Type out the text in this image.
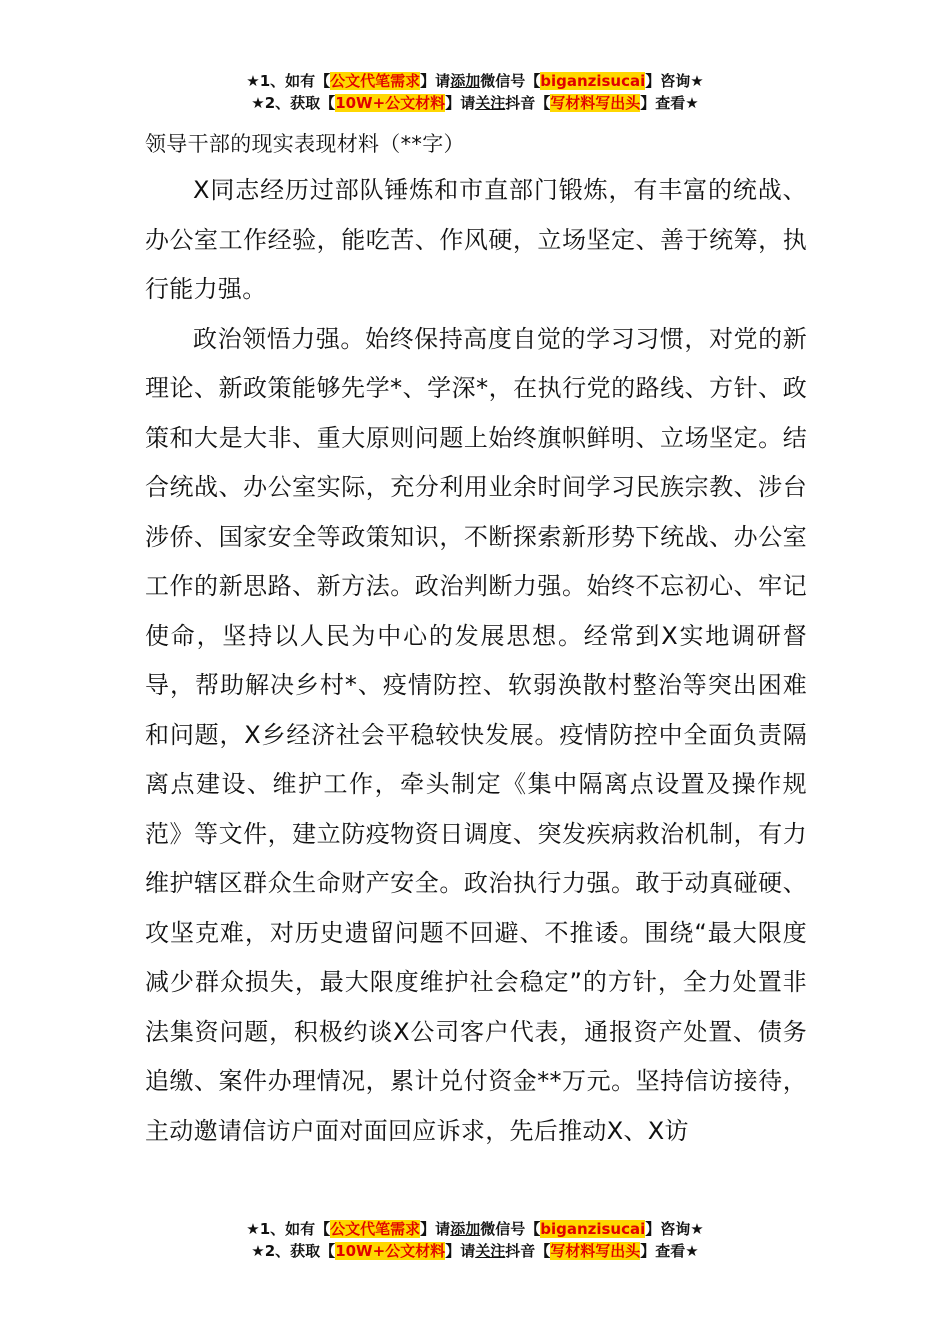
★1、如有【公文代笔需求】请添加微信号【biganzisucai】咨询★
★2、获取【10W+公文材料】请关注抖音【写材料写出头】查看★

领导干部的现实表现材料（**字）

X同志经历过部队锤炼和市直部门锻炼，有丰富的统战、办公室工作经验，能吃苦、作风硬，立场坚定、善于统筹，执行能力强。

政治领悟力强。始终保持高度自觉的学习习惯，对党的新理论、新政策能够先学*、学深*，在执行党的路线、方针、政策和大是大非、重大原则问题上始终旗帜鲜明、立场坚定。结合统战、办公室实际，充分利用业余时间学习民族宗教、涉台涉侨、国家安全等政策知识，不断探索新形势下统战、办公室工作的新思路、新方法。政治判断力强。始终不忘初心、牢记使命，坚持以人民为中心的发展思想。经常到X实地调研督导，帮助解决乡村*、疫情防控、软弱涣散村整治等突出困难和问题，X乡经济社会平稳较快发展。疫情防控中全面负责隔离点建设、维护工作，牵头制定《集中隔离点设置及操作规范》等文件，建立防疫物资日调度、突发疾病救治机制，有力维护辖区群众生命财产安全。政治执行力强。敢于动真碰硬、攻坚克难，对历史遗留问题不回避、不推诿。围绕“最大限度减少群众损失，最大限度维护社会稳定”的方针，全力处置非法集资问题，积极约谈X公司客户代表，通报资产处置、债务追缴、案件办理情况，累计兑付资金**万元。坚持信访接待，主动邀请信访户面对面回应诉求，先后推动X、X访

★1、如有【公文代笔需求】请添加微信号【biganzisucai】咨询★
★2、获取【10W+公文材料】请关注抖音【写材料写出头】查看★
